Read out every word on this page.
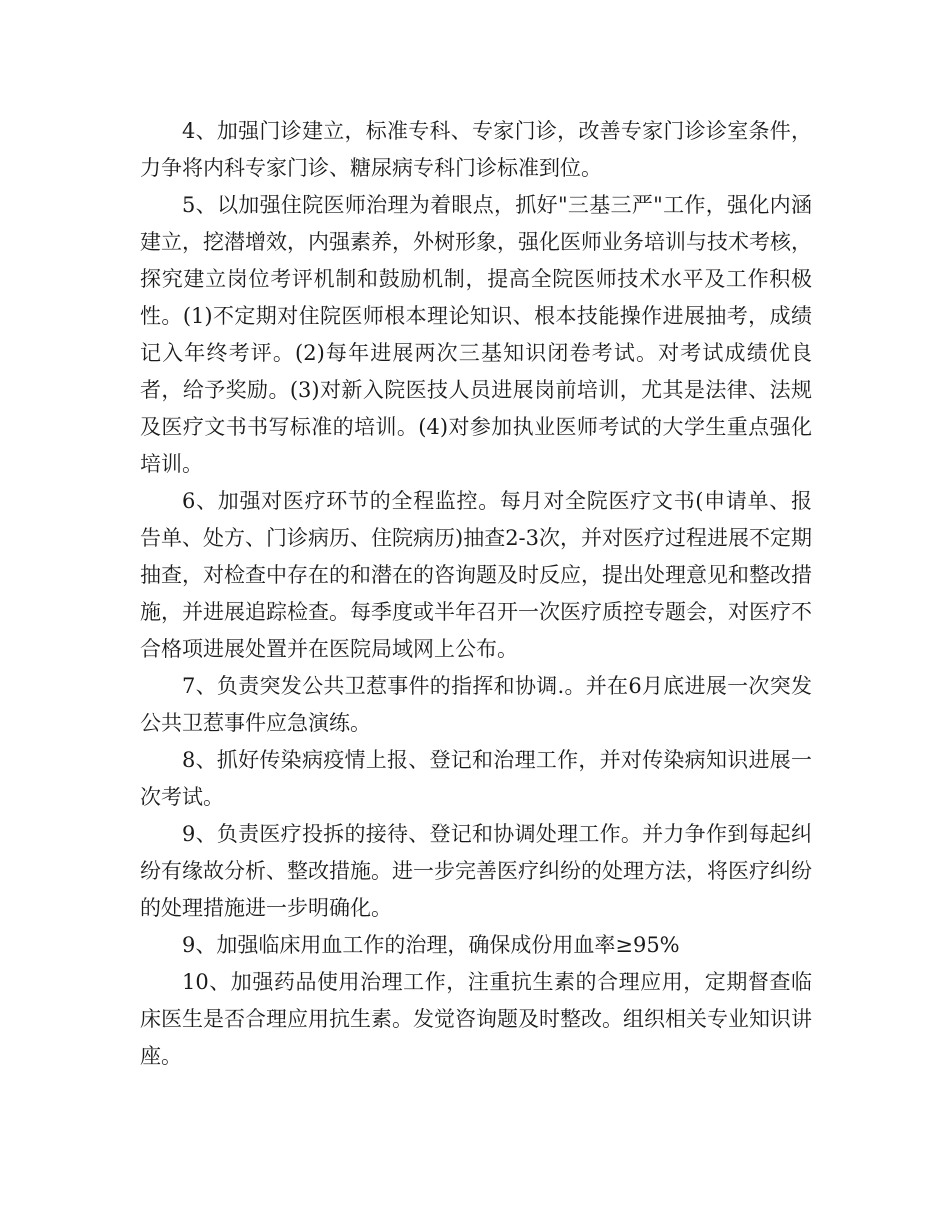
4、加强门诊建立，标准专科、专家门诊，改善专家门诊诊室条件，力争将内科专家门诊、糖尿病专科门诊标准到位。

5、以加强住院医师治理为着眼点，抓好"三基三严"工作，强化内涵建立，挖潜增效，内强素养，外树形象，强化医师业务培训与技术考核，探究建立岗位考评机制和鼓励机制，提高全院医师技术水平及工作积极性。(1)不定期对住院医师根本理论知识、根本技能操作进展抽考，成绩记入年终考评。(2)每年进展两次三基知识闭卷考试。对考试成绩优良者，给予奖励。(3)对新入院医技人员进展岗前培训，尤其是法律、法规及医疗文书书写标准的培训。(4)对参加执业医师考试的大学生重点强化培训。

6、加强对医疗环节的全程监控。每月对全院医疗文书(申请单、报告单、处方、门诊病历、住院病历)抽查2-3次，并对医疗过程进展不定期抽查，对检查中存在的和潜在的咨询题及时反应，提出处理意见和整改措施，并进展追踪检查。每季度或半年召开一次医疗质控专题会，对医疗不合格项进展处置并在医院局域网上公布。

7、负责突发公共卫惹事件的指挥和协调.。并在6月底进展一次突发公共卫惹事件应急演练。

8、抓好传染病疫情上报、登记和治理工作，并对传染病知识进展一次考试。

9、负责医疗投拆的接待、登记和协调处理工作。并力争作到每起纠纷有缘故分析、整改措施。进一步完善医疗纠纷的处理方法，将医疗纠纷的处理措施进一步明确化。

9、加强临床用血工作的治理，确保成份用血率≥95%

10、加强药品使用治理工作，注重抗生素的合理应用，定期督查临床医生是否合理应用抗生素。发觉咨询题及时整改。组织相关专业知识讲座。
